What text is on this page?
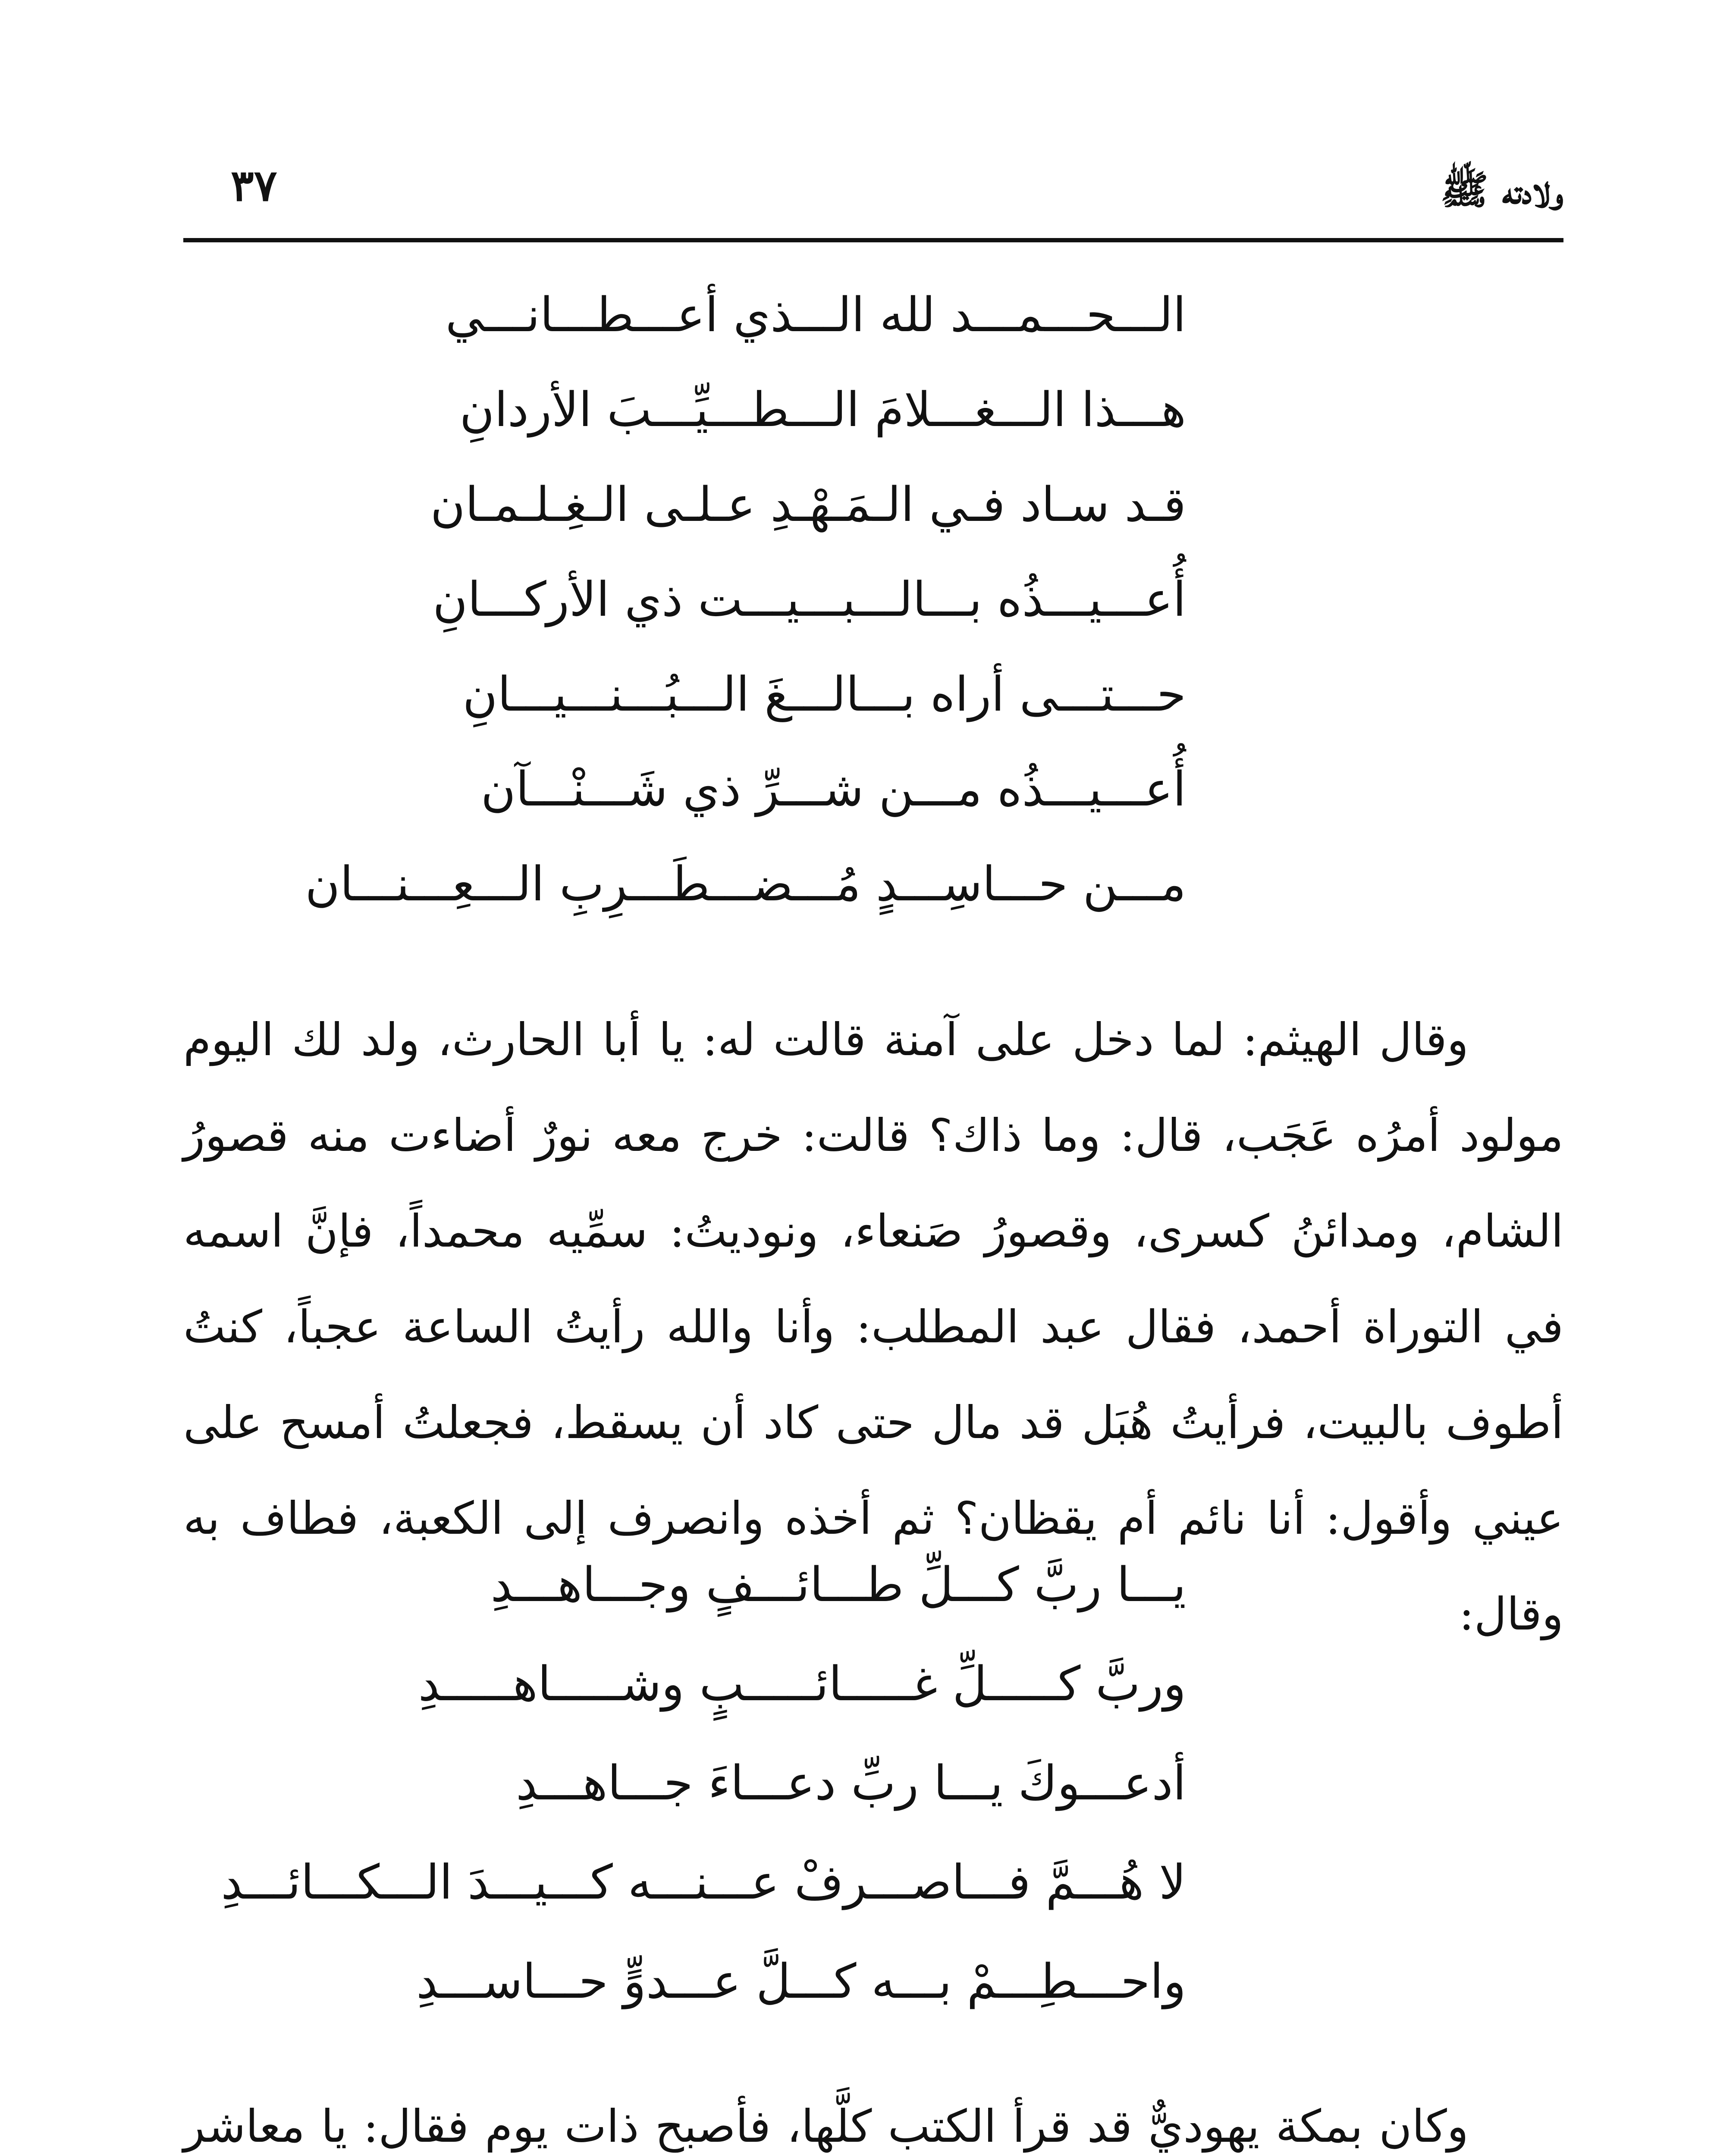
ولادته ﷺ
٣٧

الـــحـــمـــد لله الـــذي أعـــطـــانـــي

هـــذا الـــغـــلامَ الـــطـــيِّـــبَ الأردانِ

قـد سـاد فـي الـمَـهْـدِ عـلـى الـغِـلـمـان

أُعـــيـــذُه بـــالـــبـــيـــت ذي الأركـــانِ

حـــتـــى أراه بـــالـــغَ الـــبُـــنـــيـــانِ

أُعـــيـــذُه مـــن شـــرِّ ذي شَـــنْـــآن

مـــن حـــاسِـــدٍ مُـــضـــطَـــرِبِ الـــعِـــنـــان

وقال الهيثم: لما دخل على آمنة قالت له: يا أبا الحارث، ولد لك اليوم مولود أمرُه عَجَب، قال: وما ذاك؟ قالت: خرج معه نورٌ أضاءت منه قصورُ الشام، ومدائنُ كسرى، وقصورُ صَنعاء، ونوديتُ: سمِّيه محمداً، فإنَّ اسمه في التوراة أحمد، فقال عبد المطلب: وأنا والله رأيتُ الساعة عجباً، كنتُ أطوف بالبيت، فرأيتُ هُبَل قد مال حتى كاد أن يسقط، فجعلتُ أمسح على عيني وأقول: أنا نائم أم يقظان؟ ثم أخذه وانصرف إلى الكعبة، فطاف به وقال:

يـــا ربَّ كـــلِّ طـــائـــفٍ وجـــاهـــدِ

وربَّ كـــــلِّ غـــــائـــــبٍ وشـــــاهـــــدِ

أدعـــوكَ يـــا ربِّ دعـــاءَ جـــاهـــدِ

لا هُـــمَّ فـــاصـــرفْ عـــنـــه كـــيـــدَ الـــكـــائـــدِ

واحـــطِـــمْ بـــه كـــلَّ عـــدوٍّ حـــاســـدِ

وكان بمكة يهوديٌّ قد قرأ الكتب كلَّها، فأصبح ذات يوم فقال: يا معاشر
